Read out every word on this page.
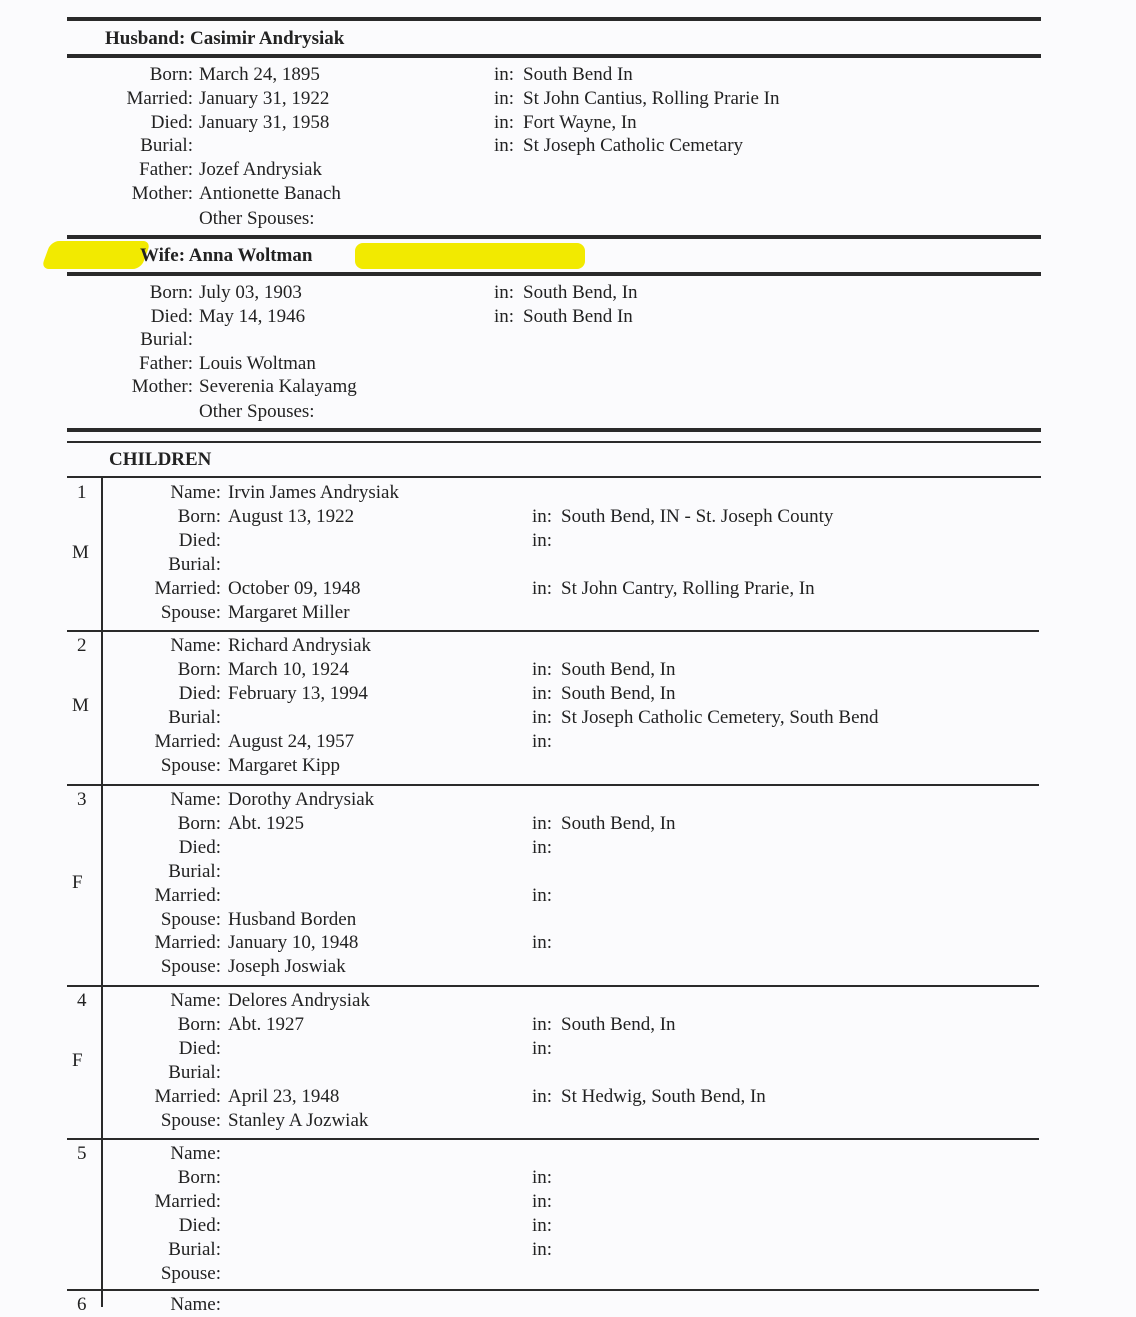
Husband: Casimir Andrysiak
Born: March 24, 1895	in: South Bend In
Married: January 31, 1922	in: St John Cantius, Rolling Prarie In
Died: January 31, 1958	in: Fort Wayne, In
Burial:	in: St Joseph Catholic Cemetary
Father: Jozef Andrysiak
Mother: Antionette Banach
Other Spouses:
Wife: Anna Woltman
Born: July 03, 1903	in: South Bend, In
Died: May 14, 1946	in: South Bend In
Burial:
Father: Louis Woltman
Mother: Severenia Kalayamg
Other Spouses:
CHILDREN
1
M
Name: Irvin James Andrysiak
Born: August 13, 1922	in: South Bend, IN - St. Joseph County
Died:	in:
Burial:
Married: October 09, 1948	in: St John Cantry, Rolling Prarie, In
Spouse: Margaret Miller
2
M
Name: Richard Andrysiak
Born: March 10, 1924	in: South Bend, In
Died: February 13, 1994	in: South Bend, In
Burial:	in: St Joseph Catholic Cemetery, South Bend
Married: August 24, 1957	in:
Spouse: Margaret Kipp
3
F
Name: Dorothy Andrysiak
Born: Abt. 1925	in: South Bend, In
Died:	in:
Burial:
Married:	in:
Spouse: Husband Borden
Married: January 10, 1948	in:
Spouse: Joseph Joswiak
4
F
Name: Delores Andrysiak
Born: Abt. 1927	in: South Bend, In
Died:	in:
Burial:
Married: April 23, 1948	in: St Hedwig, South Bend, In
Spouse: Stanley A Jozwiak
5	Name:
Born:	in:
Married:	in:
Died:	in:
Burial:	in:
Spouse:
6	Name:
